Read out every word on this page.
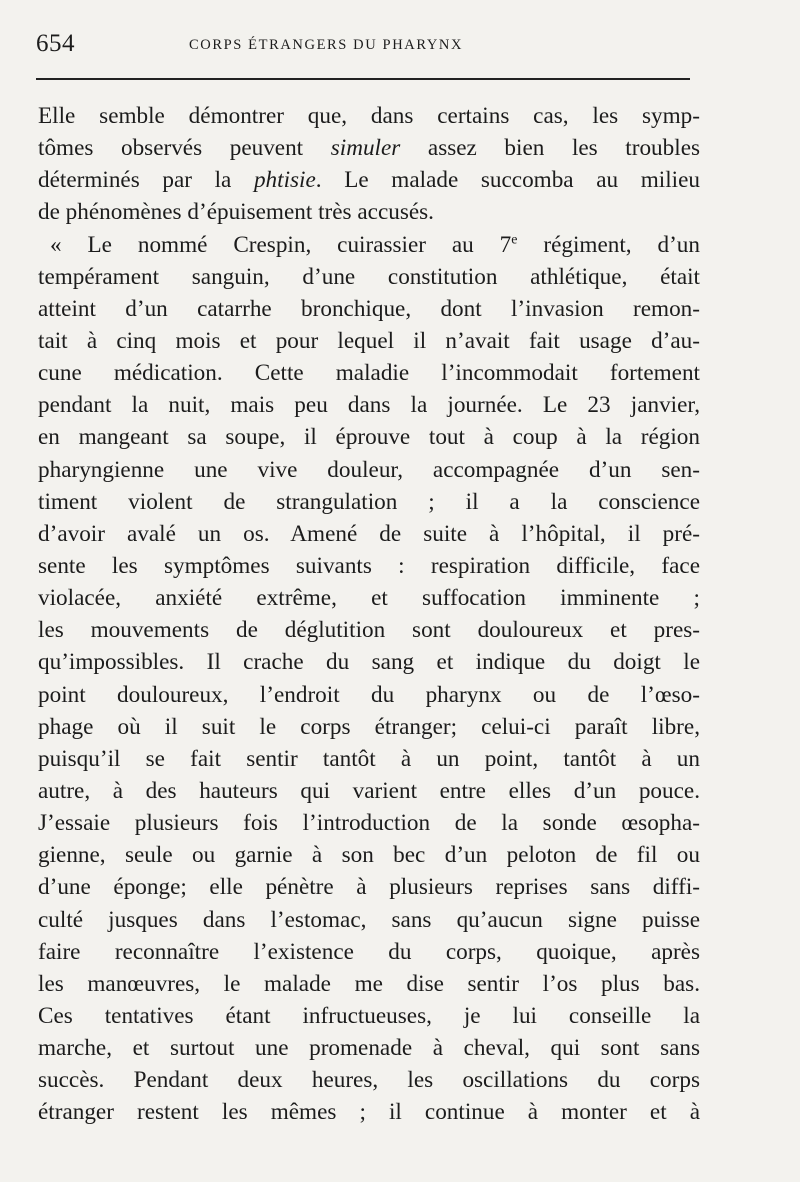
654	CORPS ÉTRANGERS DU PHARYNX
Elle semble démontrer que, dans certains cas, les symp-
tômes observés peuvent simuler assez bien les troubles
déterminés par la phtisie. Le malade succomba au milieu
de phénomènes d’épuisement très accusés.
« Le nommé Crespin, cuirassier au 7e régiment, d’un
tempérament sanguin, d’une constitution athlétique, était
atteint d’un catarrhe bronchique, dont l’invasion remon-
tait à cinq mois et pour lequel il n’avait fait usage d’au-
cune médication. Cette maladie l’incommodait fortement
pendant la nuit, mais peu dans la journée. Le 23 janvier,
en mangeant sa soupe, il éprouve tout à coup à la région
pharyngienne une vive douleur, accompagnée d’un sen-
timent violent de strangulation ; il a la conscience
d’avoir avalé un os. Amené de suite à l’hôpital, il pré-
sente les symptômes suivants : respiration difficile, face
violacée, anxiété extrême, et suffocation imminente ;
les mouvements de déglutition sont douloureux et pres-
qu’impossibles. Il crache du sang et indique du doigt le
point douloureux, l’endroit du pharynx ou de l’œso-
phage où il suit le corps étranger; celui-ci paraît libre,
puisqu’il se fait sentir tantôt à un point, tantôt à un
autre, à des hauteurs qui varient entre elles d’un pouce.
J’essaie plusieurs fois l’introduction de la sonde œsopha-
gienne, seule ou garnie à son bec d’un peloton de fil ou
d’une éponge; elle pénètre à plusieurs reprises sans diffi-
culté jusques dans l’estomac, sans qu’aucun signe puisse
faire reconnaître l’existence du corps, quoique, après
les manœuvres, le malade me dise sentir l’os plus bas.
Ces tentatives étant infructueuses, je lui conseille la
marche, et surtout une promenade à cheval, qui sont sans
succès. Pendant deux heures, les oscillations du corps
étranger restent les mêmes ; il continue à monter et à
